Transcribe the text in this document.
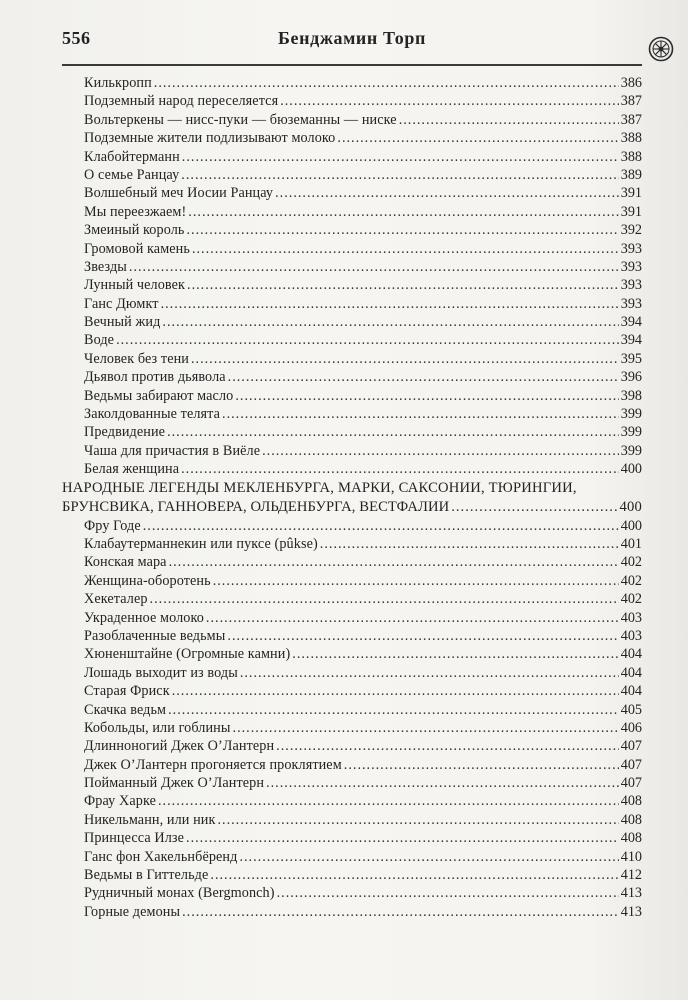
556	Бенджамин Торп
Килькропп .....	386
Подземный народ переселяется .....	387
Вольтеркены — нисс-пуки — бюземанны — ниске .....	387
Подземные жители подлизывают молоко .....	388
Клабойтерманн .....	388
О семье Ранцау .....	389
Волшебный меч Иосии Ранцау .....	391
Мы переезжаем! .....	391
Змеиный король .....	392
Громовой камень .....	393
Звезды .....	393
Лунный человек .....	393
Ганс Дюмкт .....	393
Вечный жид .....	394
Воде .....	394
Человек без тени .....	395
Дьявол против дьявола .....	396
Ведьмы забирают масло .....	398
Заколдованные телята .....	399
Предвидение .....	399
Чаша для причастия в Виёле .....	399
Белая женщина .....	400
НАРОДНЫЕ ЛЕГЕНДЫ МЕКЛЕНБУРГА, МАРКИ, САКСОНИИ, ТЮРИНГИИ,
БРУНСВИКА, ГАННОВЕРА, ОЛЬДЕНБУРГА, ВЕСТФАЛИИ .....	400
Фру Годе .....	400
Клабаутерманнекин или пуксе (pûkse) .....	401
Конская мара .....	402
Женщина-оборотень .....	402
Хекеталер .....	402
Украденное молоко .....	403
Разоблаченные ведьмы .....	403
Хюненштайне (Огромные камни) .....	404
Лошадь выходит из воды .....	404
Старая Фриск .....	404
Скачка ведьм .....	405
Кобольды, или гоблины .....	406
Длинноногий Джек О’Лантерн .....	407
Джек О’Лантерн прогоняется проклятием .....	407
Пойманный Джек О’Лантерн .....	407
Фрау Харке .....	408
Никельманн, или ник .....	408
Принцесса Илзе .....	408
Ганс фон Хакельнбёренд .....	410
Ведьмы в Гиттельде .....	412
Рудничный монах (Bergmonch) .....	413
Горные демоны .....	413
